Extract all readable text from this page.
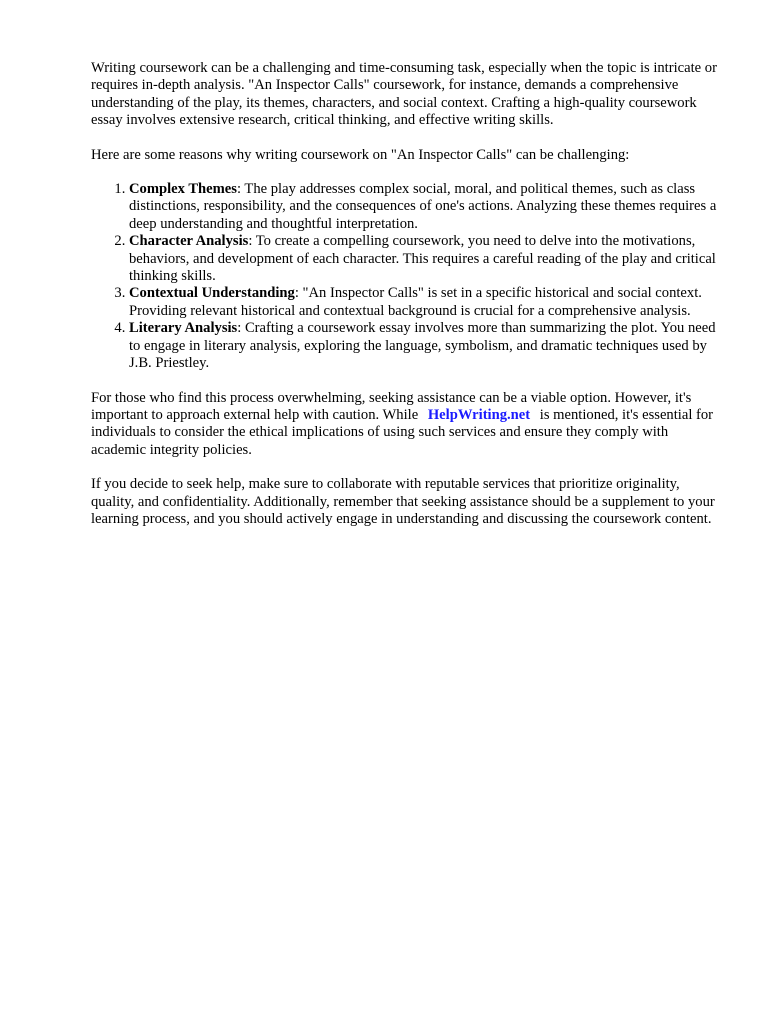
Writing coursework can be a challenging and time-consuming task, especially when the topic is intricate or requires in-depth analysis. "An Inspector Calls" coursework, for instance, demands a comprehensive understanding of the play, its themes, characters, and social context. Crafting a high-quality coursework essay involves extensive research, critical thinking, and effective writing skills.

Here are some reasons why writing coursework on "An Inspector Calls" can be challenging:

1. Complex Themes: The play addresses complex social, moral, and political themes, such as class distinctions, responsibility, and the consequences of one's actions. Analyzing these themes requires a deep understanding and thoughtful interpretation.
2. Character Analysis: To create a compelling coursework, you need to delve into the motivations, behaviors, and development of each character. This requires a careful reading of the play and critical thinking skills.
3. Contextual Understanding: "An Inspector Calls" is set in a specific historical and social context. Providing relevant historical and contextual background is crucial for a comprehensive analysis.
4. Literary Analysis: Crafting a coursework essay involves more than summarizing the plot. You need to engage in literary analysis, exploring the language, symbolism, and dramatic techniques used by J.B. Priestley.

For those who find this process overwhelming, seeking assistance can be a viable option. However, it's important to approach external help with caution. While HelpWriting.net is mentioned, it's essential for individuals to consider the ethical implications of using such services and ensure they comply with academic integrity policies.

If you decide to seek help, make sure to collaborate with reputable services that prioritize originality, quality, and confidentiality. Additionally, remember that seeking assistance should be a supplement to your learning process, and you should actively engage in understanding and discussing the coursework content.
